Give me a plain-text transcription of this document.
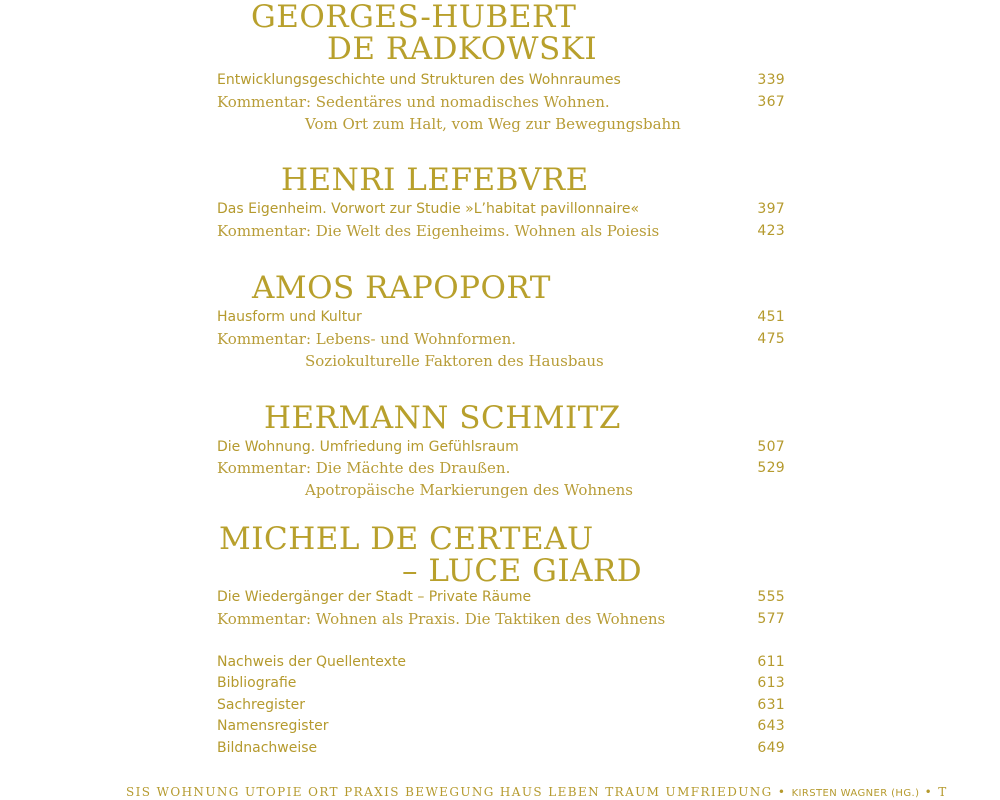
GEORGES-HUBERT
DE RADKOWSKI
Entwicklungsgeschichte und Strukturen des Wohnraumes	339
Kommentar: Sedentäres und nomadisches Wohnen.	367
Vom Ort zum Halt, vom Weg zur Bewegungsbahn
HENRI LEFEBVRE
Das Eigenheim. Vorwort zur Studie »L’habitat pavillonnaire«	397
Kommentar: Die Welt des Eigenheims. Wohnen als Poiesis	423
AMOS RAPOPORT
Hausform und Kultur	451
Kommentar: Lebens- und Wohnformen.	475
Soziokulturelle Faktoren des Hausbaus
HERMANN SCHMITZ
Die Wohnung. Umfriedung im Gefühlsraum	507
Kommentar: Die Mächte des Draußen.	529
Apotropäische Markierungen des Wohnens
MICHEL DE CERTEAU
– LUCE GIARD
Die Wiedergänger der Stadt – Private Räume	555
Kommentar: Wohnen als Praxis. Die Taktiken des Wohnens	577
Nachweis der Quellentexte	611
Bibliografie	613
Sachregister	631
Namensregister	643
Bildnachweise	649
SIS WOHNUNG UTOPIE ORT PRAXIS BEWEGUNG HAUS LEBEN TRAUM UMFRIEDUNG • KIRSTEN WAGNER (HG.) • T
